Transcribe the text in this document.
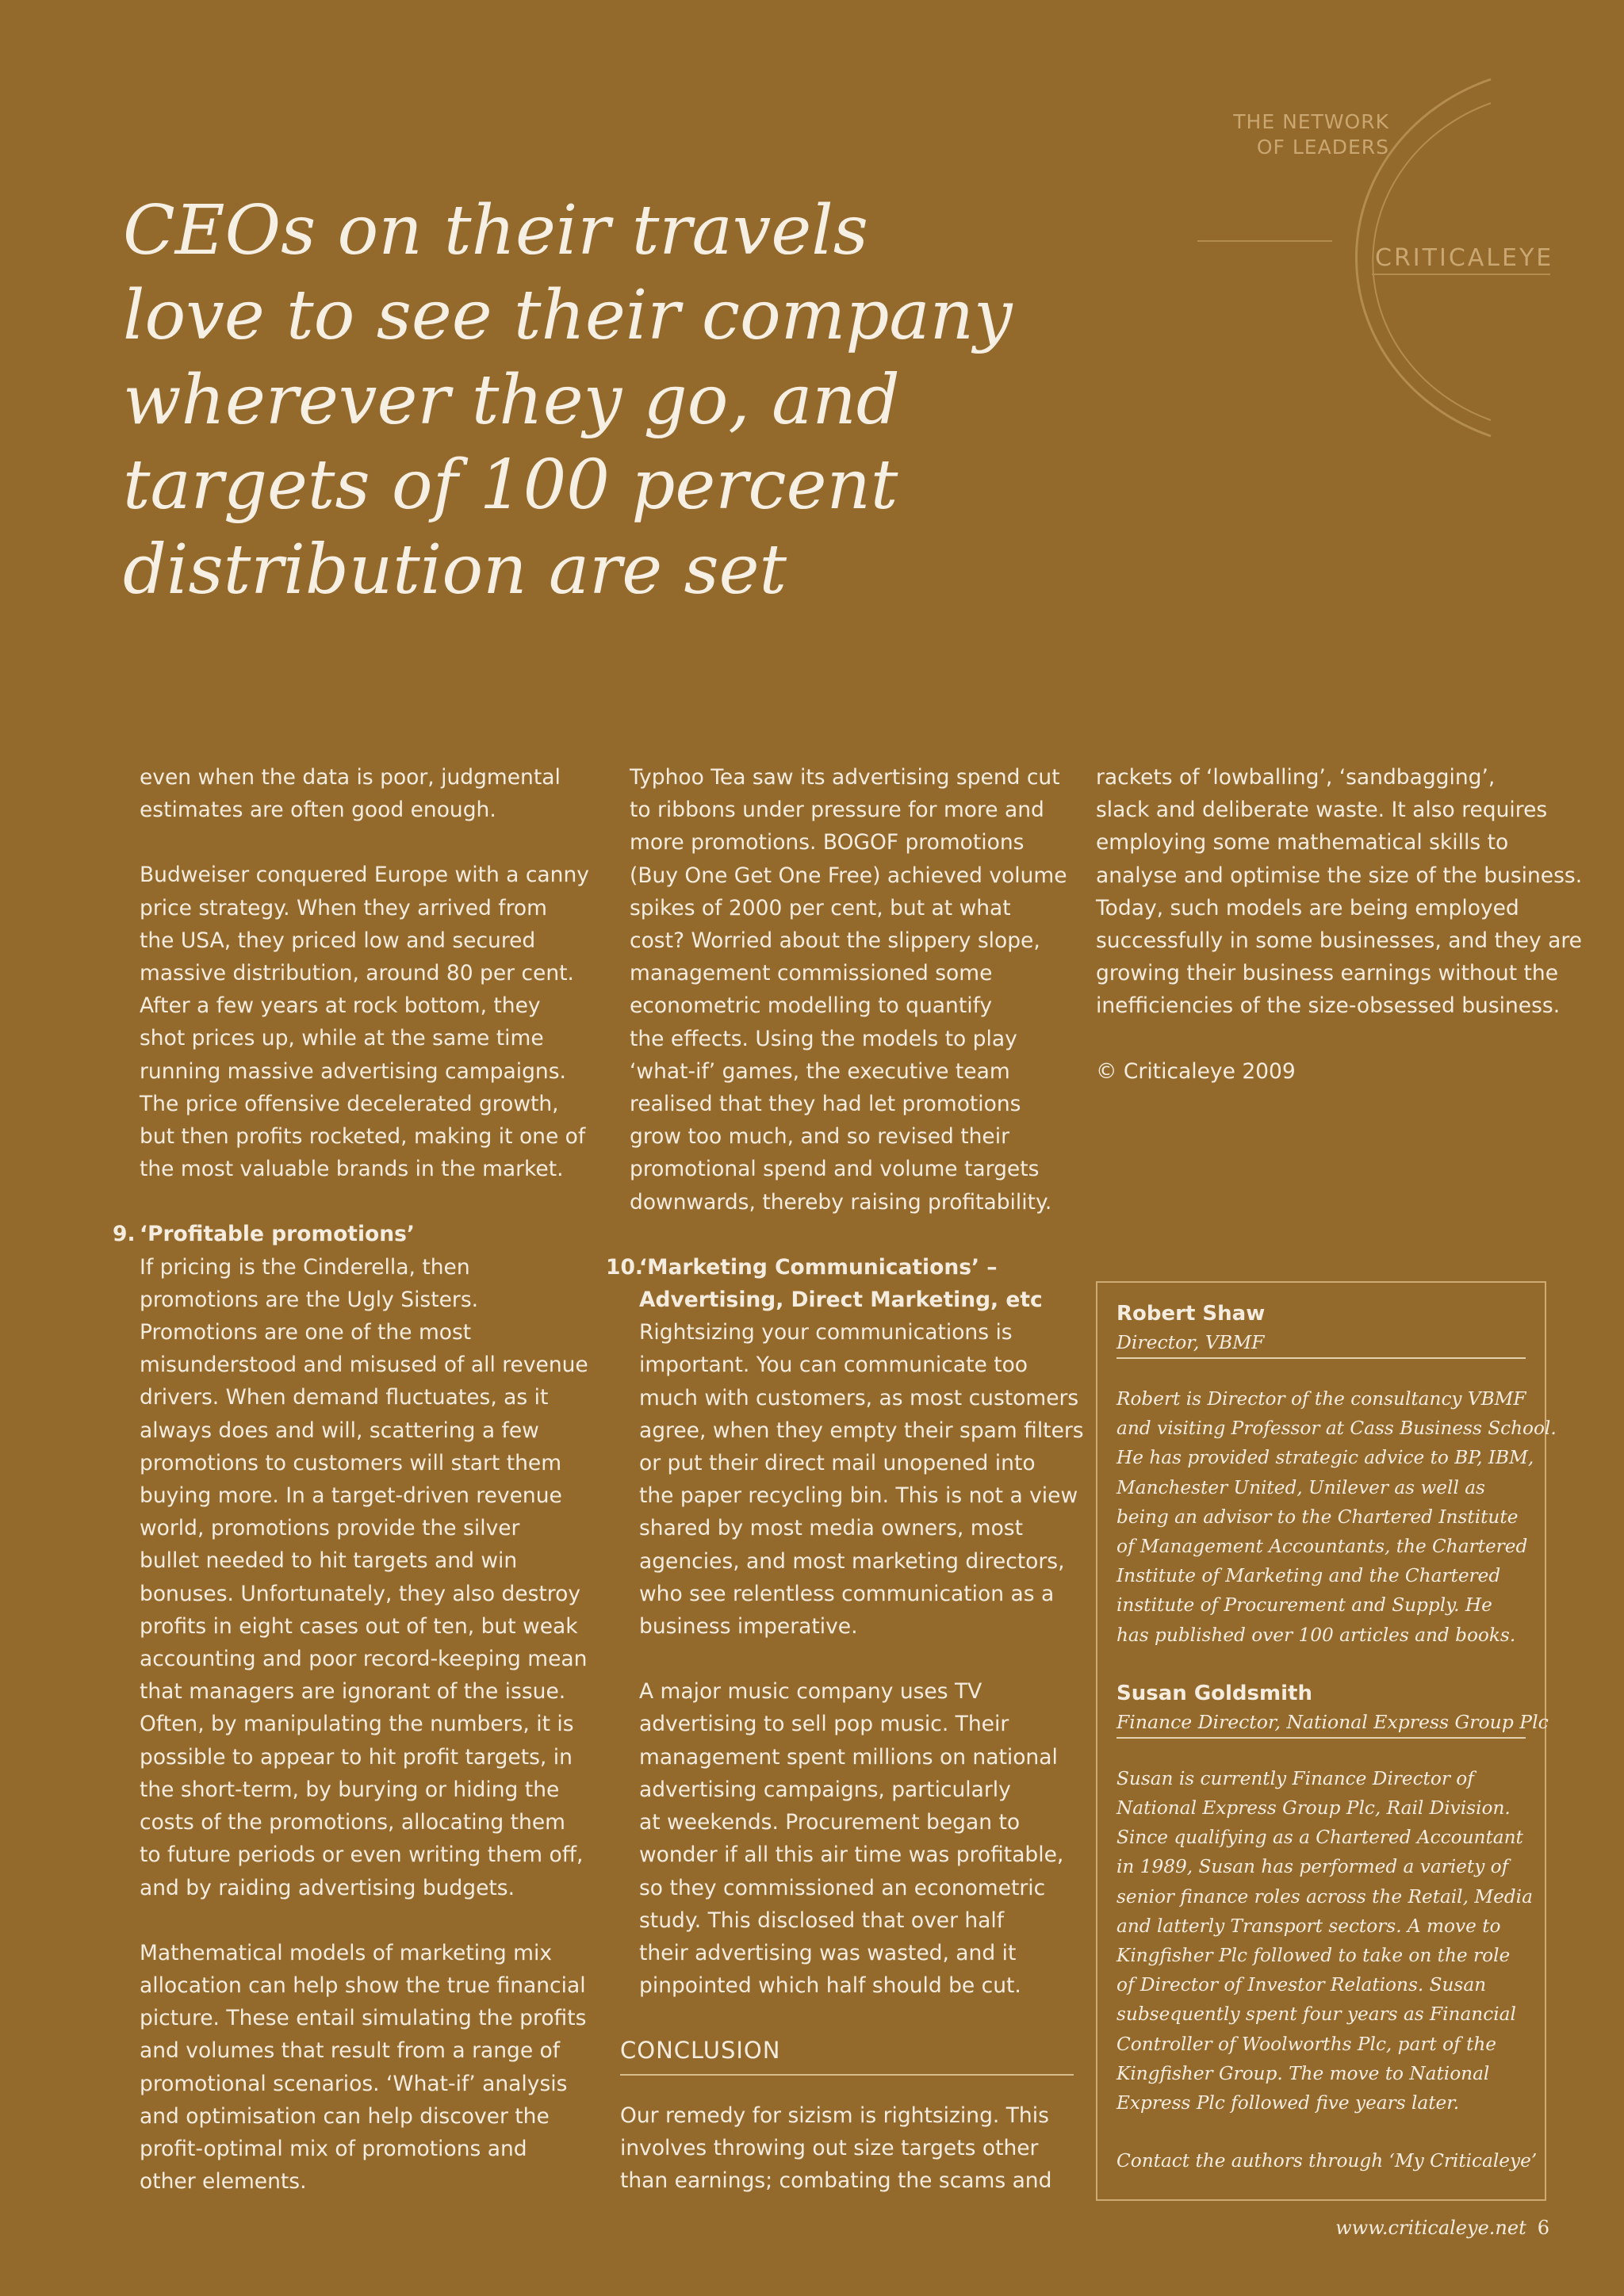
THE NETWORK
OF LEADERS
CRITICALEYE
CEOs on their travels
love to see their company
wherever they go, and
targets of 100 percent
distribution are set

even when the data is poor, judgmental
estimates are often good enough.

Budweiser conquered Europe with a canny
price strategy. When they arrived from
the USA, they priced low and secured
massive distribution, around 80 per cent.
After a few years at rock bottom, they
shot prices up, while at the same time
running massive advertising campaigns.
The price offensive decelerated growth,
but then profits rocketed, making it one of
the most valuable brands in the market.

9. ‘Profitable promotions’
If pricing is the Cinderella, then
promotions are the Ugly Sisters.
Promotions are one of the most
misunderstood and misused of all revenue
drivers. When demand fluctuates, as it
always does and will, scattering a few
promotions to customers will start them
buying more. In a target-driven revenue
world, promotions provide the silver
bullet needed to hit targets and win
bonuses. Unfortunately, they also destroy
profits in eight cases out of ten, but weak
accounting and poor record-keeping mean
that managers are ignorant of the issue.
Often, by manipulating the numbers, it is
possible to appear to hit profit targets, in
the short-term, by burying or hiding the
costs of the promotions, allocating them
to future periods or even writing them off,
and by raiding advertising budgets.

Mathematical models of marketing mix
allocation can help show the true financial
picture. These entail simulating the profits
and volumes that result from a range of
promotional scenarios. ‘What-if’ analysis
and optimisation can help discover the
profit-optimal mix of promotions and
other elements.

Typhoo Tea saw its advertising spend cut
to ribbons under pressure for more and
more promotions. BOGOF promotions
(Buy One Get One Free) achieved volume
spikes of 2000 per cent, but at what
cost? Worried about the slippery slope,
management commissioned some
econometric modelling to quantify
the effects. Using the models to play
‘what-if’ games, the executive team
realised that they had let promotions
grow too much, and so revised their
promotional spend and volume targets
downwards, thereby raising profitability.

10.
‘Marketing Communications’ –
Advertising, Direct Marketing, etc
Rightsizing your communications is
important. You can communicate too
much with customers, as most customers
agree, when they empty their spam filters
or put their direct mail unopened into
the paper recycling bin. This is not a view
shared by most media owners, most
agencies, and most marketing directors,
who see relentless communication as a
business imperative.

A major music company uses TV
advertising to sell pop music. Their
management spent millions on national
advertising campaigns, particularly
at weekends. Procurement began to
wonder if all this air time was profitable,
so they commissioned an econometric
study. This disclosed that over half
their advertising was wasted, and it
pinpointed which half should be cut.

CONCLUSION

Our remedy for sizism is rightsizing. This
involves throwing out size targets other
than earnings; combating the scams and

rackets of ‘lowballing’, ‘sandbagging’,
slack and deliberate waste. It also requires
employing some mathematical skills to
analyse and optimise the size of the business.
Today, such models are being employed
successfully in some businesses, and they are
growing their business earnings without the
inefficiencies of the size-obsessed business.

© Criticaleye 2009
Robert Shaw
Director, VBMF
Robert is Director of the consultancy VBMF
and visiting Professor at Cass Business School.
He has provided strategic advice to BP, IBM,
Manchester United, Unilever as well as
being an advisor to the Chartered Institute
of Management Accountants, the Chartered
Institute of Marketing and the Chartered
institute of Procurement and Supply. He
has published over 100 articles and books.
Susan Goldsmith
Finance Director, National Express Group Plc
Susan is currently Finance Director of
National Express Group Plc, Rail Division.
Since qualifying as a Chartered Accountant
in 1989, Susan has performed a variety of
senior finance roles across the Retail, Media
and latterly Transport sectors. A move to
Kingfisher Plc followed to take on the role
of Director of Investor Relations. Susan
subsequently spent four years as Financial
Controller of Woolworths Plc, part of the
Kingfisher Group. The move to National
Express Plc followed five years later.
Contact the authors through ‘My Criticaleye’
www.criticaleye.net 6
